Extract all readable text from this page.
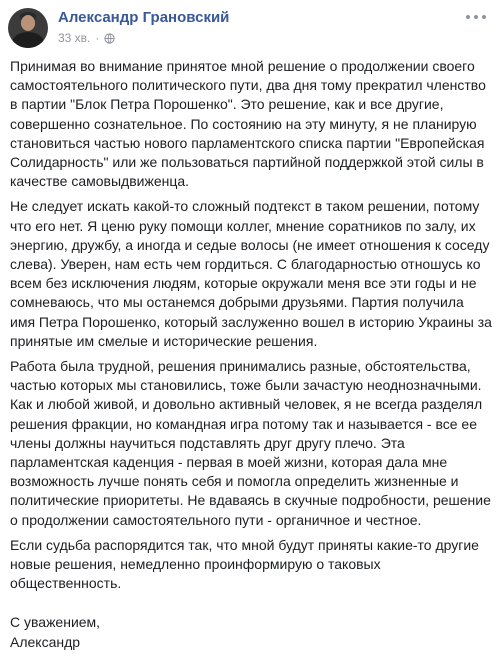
Александр Грановский
33 хв. ·

Принимая во внимание принятое мной решение о продолжении своего самостоятельного политического пути, два дня тому прекратил членство в партии "Блок Петра Порошенко". Это решение, как и все другие, совершенно сознательное. По состоянию на эту минуту, я не планирую становиться частью нового парламентского списка партии "Европейская Солидарность" или же пользоваться партийной поддержкой этой силы в качестве самовыдвиженца.

Не следует искать какой-то сложный подтекст в таком решении, потому что его нет. Я ценю руку помощи коллег, мнение соратников по залу, их энергию, дружбу, а иногда и седые волосы (не имеет отношения к соседу слева). Уверен, нам есть чем гордиться. С благодарностью отношусь ко всем без исключения людям, которые окружали меня все эти годы и не сомневаюсь, что мы останемся добрыми друзьями. Партия получила имя Петра Порошенко, который заслуженно вошел в историю Украины за принятые им смелые и исторические решения.

Работа была трудной, решения принимались разные, обстоятельства, частью которых мы становились, тоже были зачастую неоднозначными. Как и любой живой, и довольно активный человек, я не всегда разделял решения фракции, но командная игра потому так и называется - все ее члены должны научиться подставлять друг другу плечо. Эта парламентская каденция - первая в моей жизни, которая дала мне возможность лучше понять себя и помогла определить жизненные и политические приоритеты. Не вдаваясь в скучные подробности, решение о продолжении самостоятельного пути - органичное и честное.

Если судьба распорядится так, что мной будут приняты какие-то другие новые решения, немедленно проинформирую о таковых общественность.

С уважением,
Александр
